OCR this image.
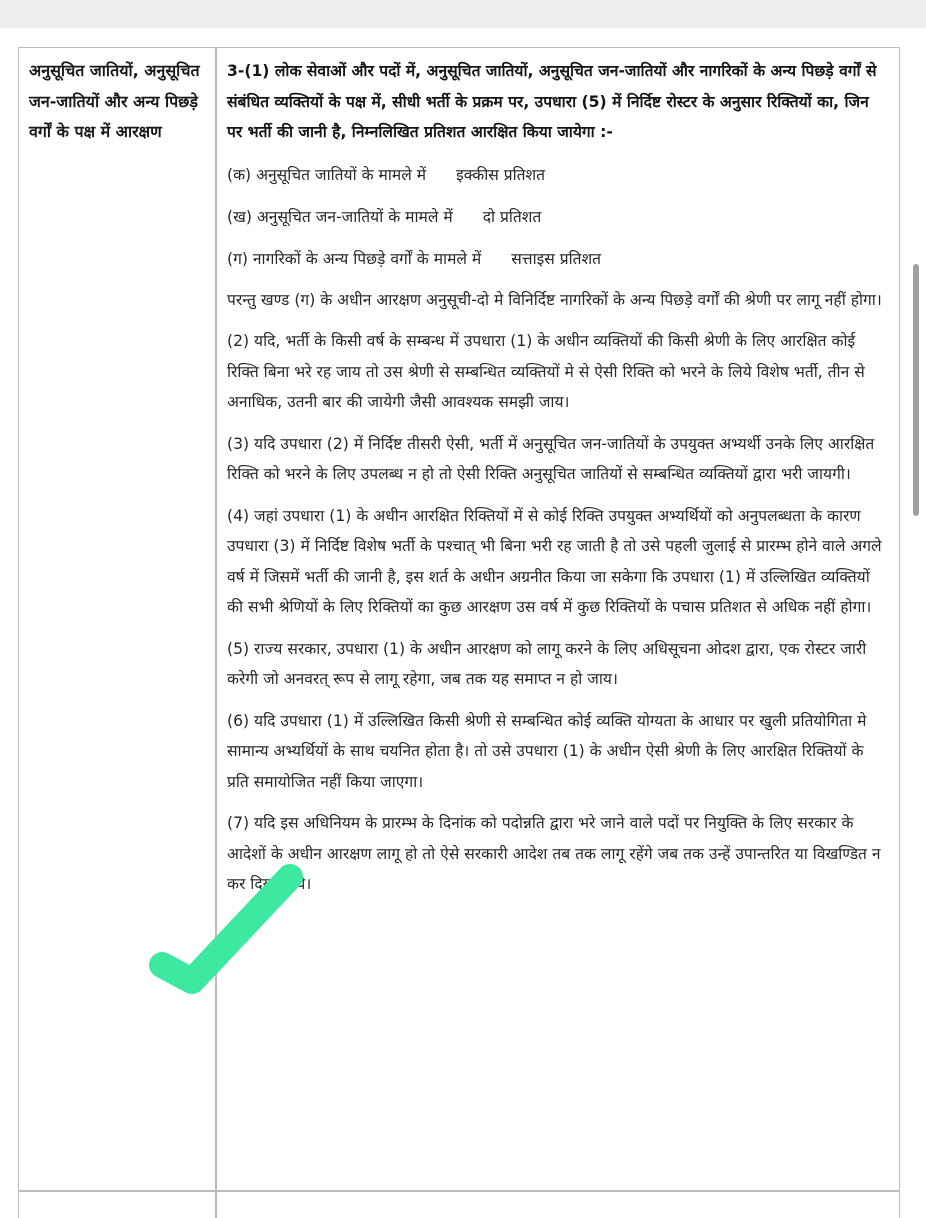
अनुसूचित जातियों, अनुसूचित जन-जातियों और अन्य पिछड़े वर्गों के पक्ष में आरक्षण

3-(1) लोक सेवाओं और पदों में, अनुसूचित जातियों, अनुसूचित जन-जातियों और नागरिकों के अन्य पिछड़े वर्गों से संबंधित व्यक्तियों के पक्ष में, सीधी भर्ती के प्रक्रम पर, उपधारा (5) में निर्दिष्ट रोस्टर के अनुसार रिक्तियों का, जिन पर भर्ती की जानी है, निम्नलिखित प्रतिशत आरक्षित किया जायेगा :-

(क) अनुसूचित जातियों के मामले में इक्कीस प्रतिशत

(ख) अनुसूचित जन-जातियों के मामले में दो प्रतिशत

(ग) नागरिकों के अन्य पिछड़े वर्गों के मामले में सत्ताइस प्रतिशत

परन्तु खण्ड (ग) के अधीन आरक्षण अनुसूची-दो मे विनिर्दिष्ट नागरिकों के अन्य पिछड़े वर्गों की श्रेणी पर लागू नहीं होगा।

(2) यदि, भर्ती के किसी वर्ष के सम्बन्ध में उपधारा (1) के अधीन व्यक्तियों की किसी श्रेणी के लिए आरक्षित कोई रिक्ति बिना भरे रह जाय तो उस श्रेणी से सम्बन्धित व्यक्तियों मे से ऐसी रिक्ति को भरने के लिये विशेष भर्ती, तीन से अनाधिक, उतनी बार की जायेगी जैसी आवश्यक समझी जाय।

(3) यदि उपधारा (2) में निर्दिष्ट तीसरी ऐसी, भर्ती में अनुसूचित जन-जातियों के उपयुक्त अभ्यर्थी उनके लिए आरक्षित रिक्ति को भरने के लिए उपलब्ध न हो तो ऐसी रिक्ति अनुसूचित जातियों से सम्बन्धित व्यक्तियों द्वारा भरी जायगी।

(4) जहां उपधारा (1) के अधीन आरक्षित रिक्तियों में से कोई रिक्ति उपयुक्त अभ्यर्थियों को अनुपलब्धता के कारण उपधारा (3) में निर्दिष्ट विशेष भर्ती के पश्चात् भी बिना भरी रह जाती है तो उसे पहली जुलाई से प्रारम्भ होने वाले अगले वर्ष में जिसमें भर्ती की जानी है, इस शर्त के अधीन अग्रनीत किया जा सकेगा कि उपधारा (1) में उल्लिखित व्यक्तियों की सभी श्रेणियों के लिए रिक्तियों का कुछ आरक्षण उस वर्ष में कुछ रिक्तियों के पचास प्रतिशत से अधिक नहीं होगा।

(5) राज्य सरकार, उपधारा (1) के अधीन आरक्षण को लागू करने के लिए अधिसूचना ओदश द्वारा, एक रोस्टर जारी करेगी जो अनवरत् रूप से लागू रहेगा, जब तक यह समाप्त न हो जाय।

(6) यदि उपधारा (1) में उल्लिखित किसी श्रेणी से सम्बन्धित कोई व्यक्ति योग्यता के आधार पर खुली प्रतियोगिता मे सामान्य अभ्यर्थियों के साथ चयनित होता है। तो उसे उपधारा (1) के अधीन ऐसी श्रेणी के लिए आरक्षित रिक्तियों के प्रति समायोजित नहीं किया जाएगा।

(7) यदि इस अधिनियम के प्रारम्भ के दिनांक को पदोन्नति द्वारा भरे जाने वाले पदों पर नियुक्ति के लिए सरकार के आदेशों के अधीन आरक्षण लागू हो तो ऐसे सरकारी आदेश तब तक लागू रहेंगे जब तक उन्हें उपान्तरित या विखण्डित न कर दिया जाये।
